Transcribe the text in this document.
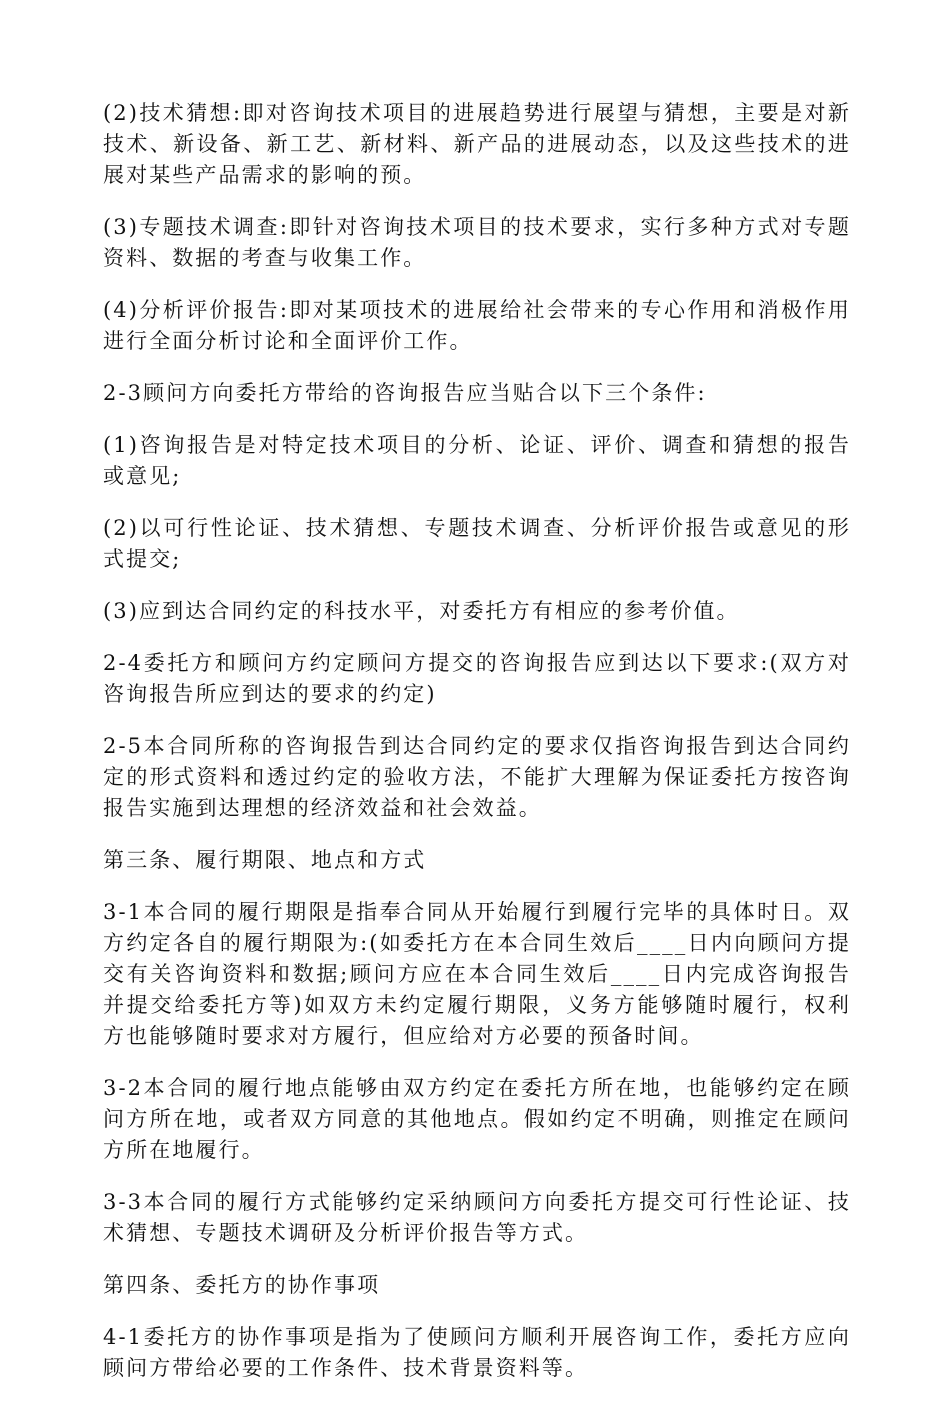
(2)技术猜想:即对咨询技术项目的进展趋势进行展望与猜想，主要是对新技术、新设备、新工艺、新材料、新产品的进展动态，以及这些技术的进展对某些产品需求的影响的预。

(3)专题技术调查:即针对咨询技术项目的技术要求，实行多种方式对专题资料、数据的考查与收集工作。

(4)分析评价报告:即对某项技术的进展给社会带来的专心作用和消极作用进行全面分析讨论和全面评价工作。

2-3顾问方向委托方带给的咨询报告应当贴合以下三个条件:

(1)咨询报告是对特定技术项目的分析、论证、评价、调查和猜想的报告或意见;

(2)以可行性论证、技术猜想、专题技术调查、分析评价报告或意见的形式提交;

(3)应到达合同约定的科技水平，对委托方有相应的参考价值。

2-4委托方和顾问方约定顾问方提交的咨询报告应到达以下要求:(双方对咨询报告所应到达的要求的约定)

2-5本合同所称的咨询报告到达合同约定的要求仅指咨询报告到达合同约定的形式资料和透过约定的验收方法，不能扩大理解为保证委托方按咨询报告实施到达理想的经济效益和社会效益。

第三条、履行期限、地点和方式

3-1本合同的履行期限是指奉合同从开始履行到履行完毕的具体时日。双方约定各自的履行期限为:(如委托方在本合同生效后____日内向顾问方提交有关咨询资料和数据;顾问方应在本合同生效后____日内完成咨询报告并提交给委托方等)如双方未约定履行期限，义务方能够随时履行，权利方也能够随时要求对方履行，但应给对方必要的预备时间。

3-2本合同的履行地点能够由双方约定在委托方所在地，也能够约定在顾问方所在地，或者双方同意的其他地点。假如约定不明确，则推定在顾问方所在地履行。

3-3本合同的履行方式能够约定采纳顾问方向委托方提交可行性论证、技术猜想、专题技术调研及分析评价报告等方式。

第四条、委托方的协作事项

4-1委托方的协作事项是指为了使顾问方顺利开展咨询工作，委托方应向顾问方带给必要的工作条件、技术背景资料等。
